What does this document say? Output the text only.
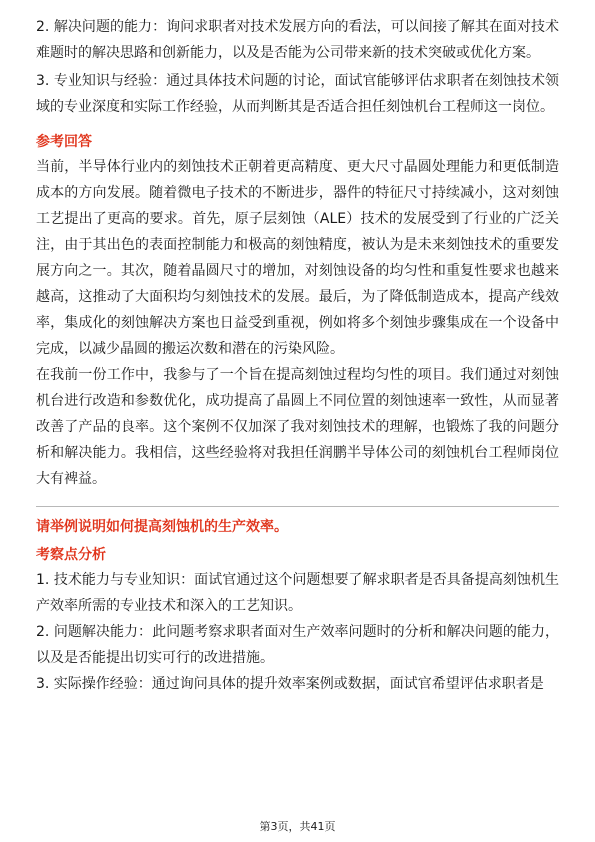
2. 解决问题的能力：询问求职者对技术发展方向的看法，可以间接了解其在面对技术难题时的解决思路和创新能力，以及是否能为公司带来新的技术突破或优化方案。

3. 专业知识与经验：通过具体技术问题的讨论，面试官能够评估求职者在刻蚀技术领域的专业深度和实际工作经验，从而判断其是否适合担任刻蚀机台工程师这一岗位。

参考回答

当前，半导体行业内的刻蚀技术正朝着更高精度、更大尺寸晶圆处理能力和更低制造成本的方向发展。随着微电子技术的不断进步，器件的特征尺寸持续减小，这对刻蚀工艺提出了更高的要求。首先，原子层刻蚀（ALE）技术的发展受到了行业的广泛关注，由于其出色的表面控制能力和极高的刻蚀精度，被认为是未来刻蚀技术的重要发展方向之一。其次，随着晶圆尺寸的增加，对刻蚀设备的均匀性和重复性要求也越来越高，这推动了大面积均匀刻蚀技术的发展。最后，为了降低制造成本，提高产线效率，集成化的刻蚀解决方案也日益受到重视，例如将多个刻蚀步骤集成在一个设备中完成，以减少晶圆的搬运次数和潜在的污染风险。

在我前一份工作中，我参与了一个旨在提高刻蚀过程均匀性的项目。我们通过对刻蚀机台进行改造和参数优化，成功提高了晶圆上不同位置的刻蚀速率一致性，从而显著改善了产品的良率。这个案例不仅加深了我对刻蚀技术的理解，也锻炼了我的问题分析和解决能力。我相信，这些经验将对我担任润鹏半导体公司的刻蚀机台工程师岗位大有裨益。

请举例说明如何提高刻蚀机的生产效率。
考察点分析

1. 技术能力与专业知识：面试官通过这个问题想要了解求职者是否具备提高刻蚀机生产效率所需的专业技术和深入的工艺知识。

2. 问题解决能力：此问题考察求职者面对生产效率问题时的分析和解决问题的能力，以及是否能提出切实可行的改进措施。

3. 实际操作经验：通过询问具体的提升效率案例或数据，面试官希望评估求职者是

第3页，共41页
